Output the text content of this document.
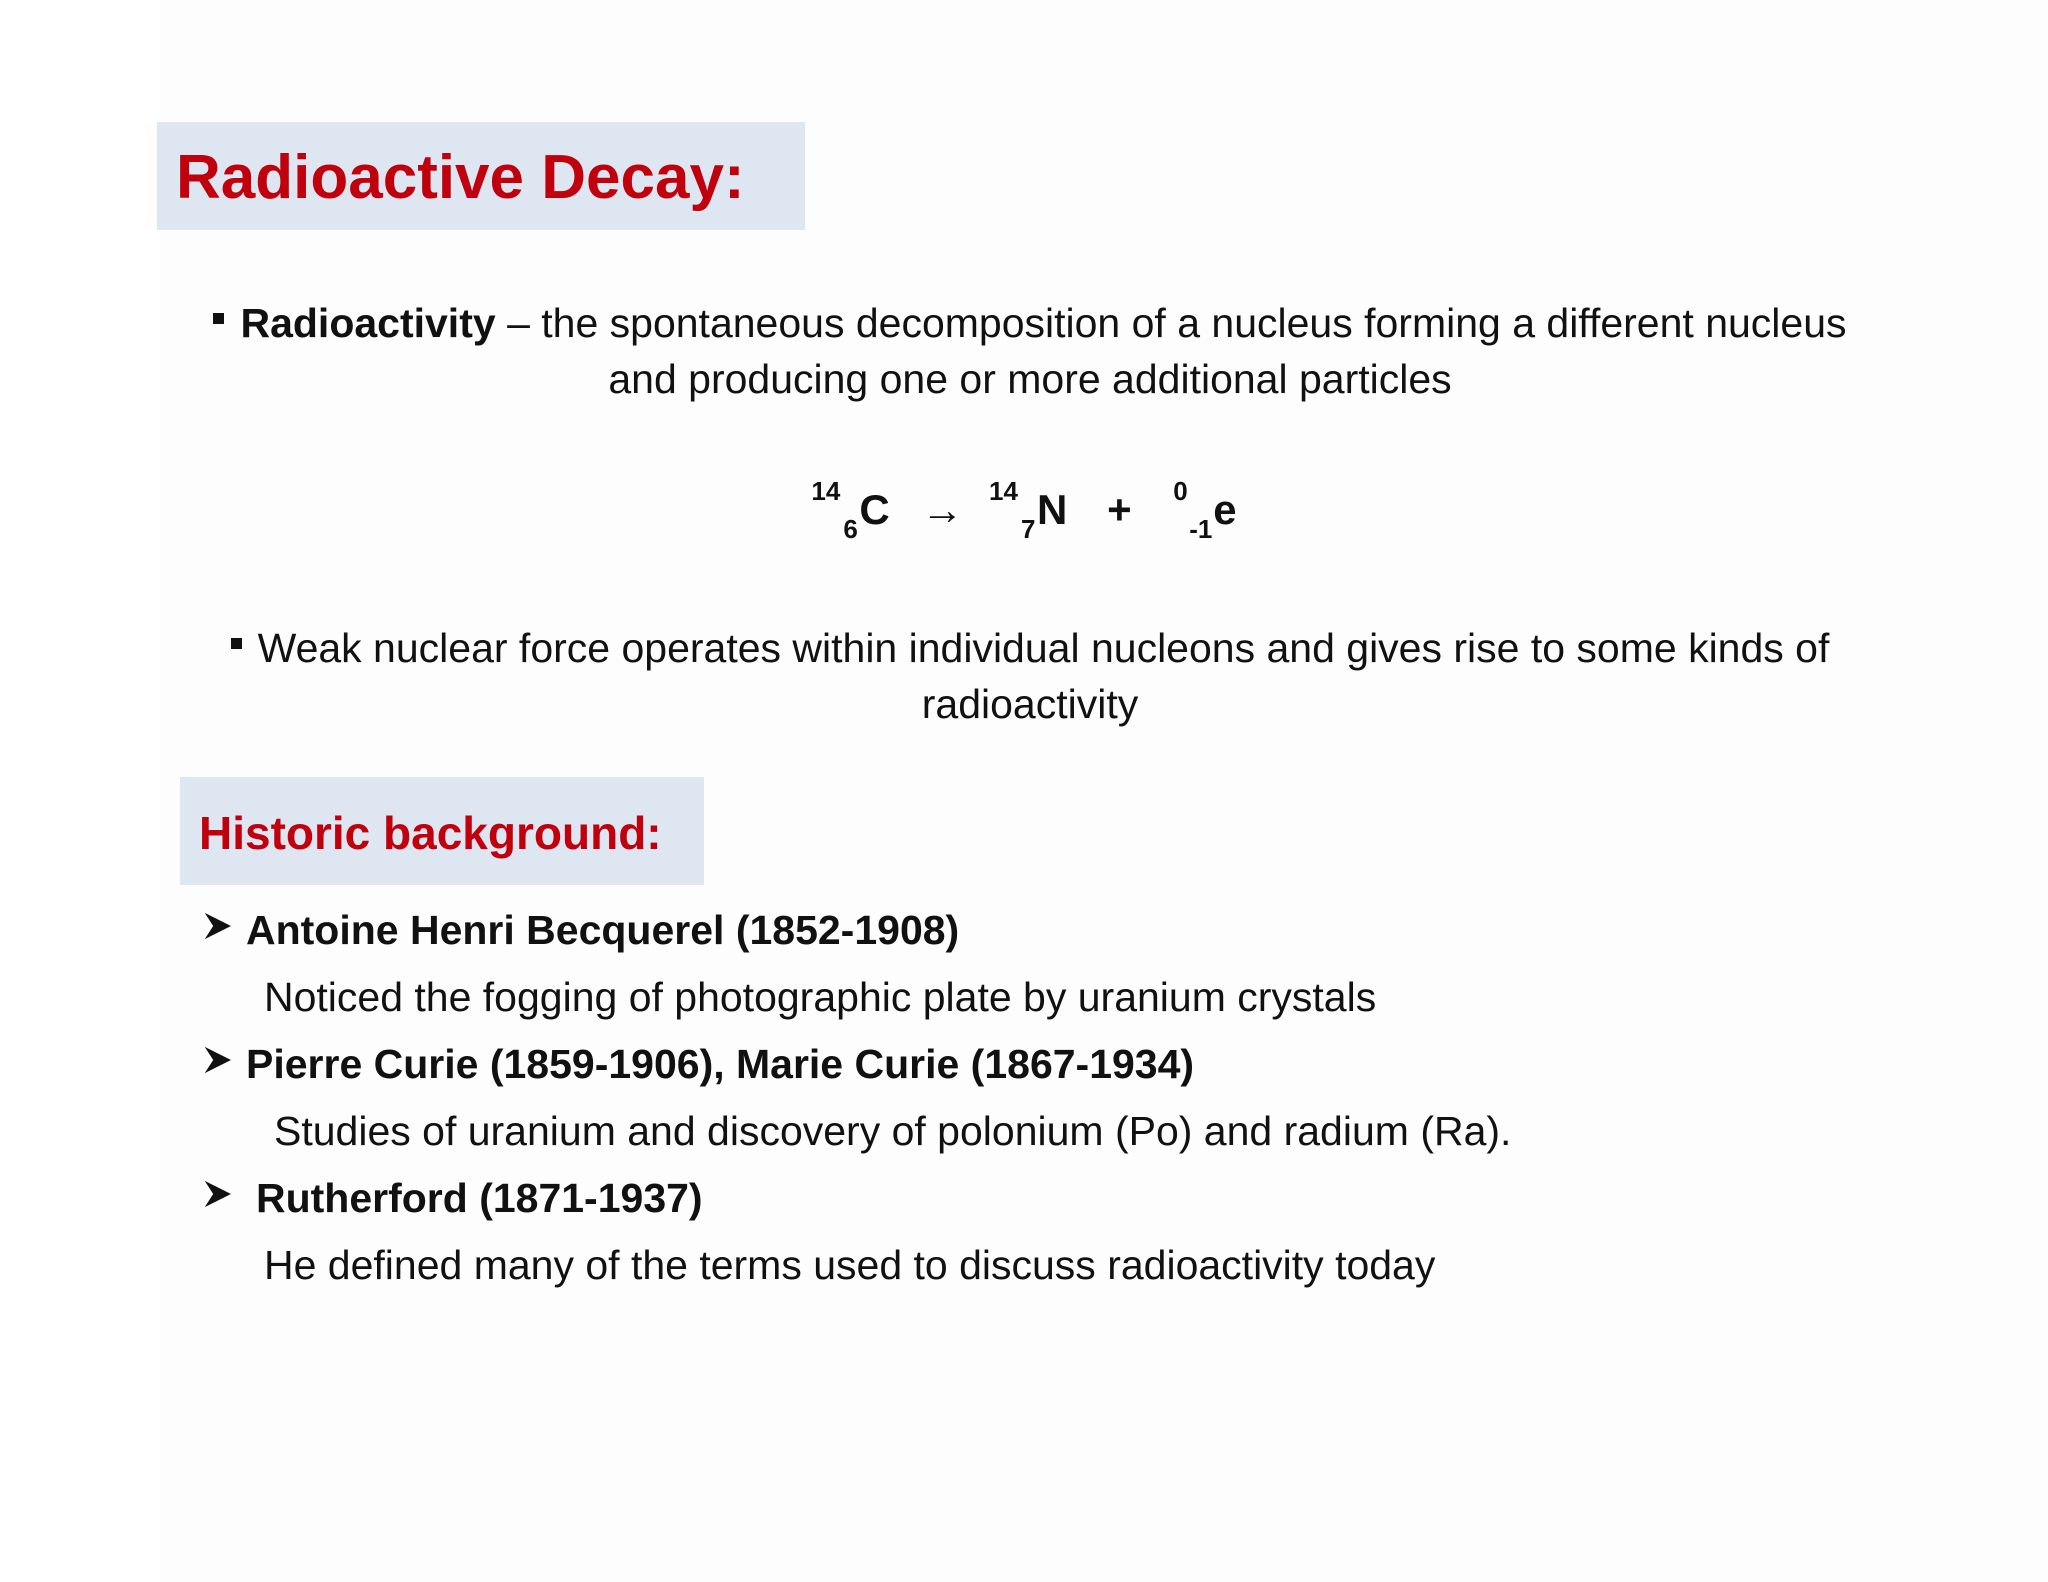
Radioactive Decay:

Radioactivity – the spontaneous decomposition of a nucleus forming a different nucleus and producing one or more additional particles

14
6 C → 14
7 N + 0
-1 e

Weak nuclear force operates within individual nucleons and gives rise to some kinds of radioactivity

Historic background:

Antoine Henri Becquerel (1852-1908)

Noticed the fogging of photographic plate by uranium crystals

Pierre Curie (1859-1906), Marie Curie (1867-1934)

Studies of uranium and discovery of polonium (Po) and radium (Ra).

Rutherford (1871-1937)

He defined many of the terms used to discuss radioactivity today
